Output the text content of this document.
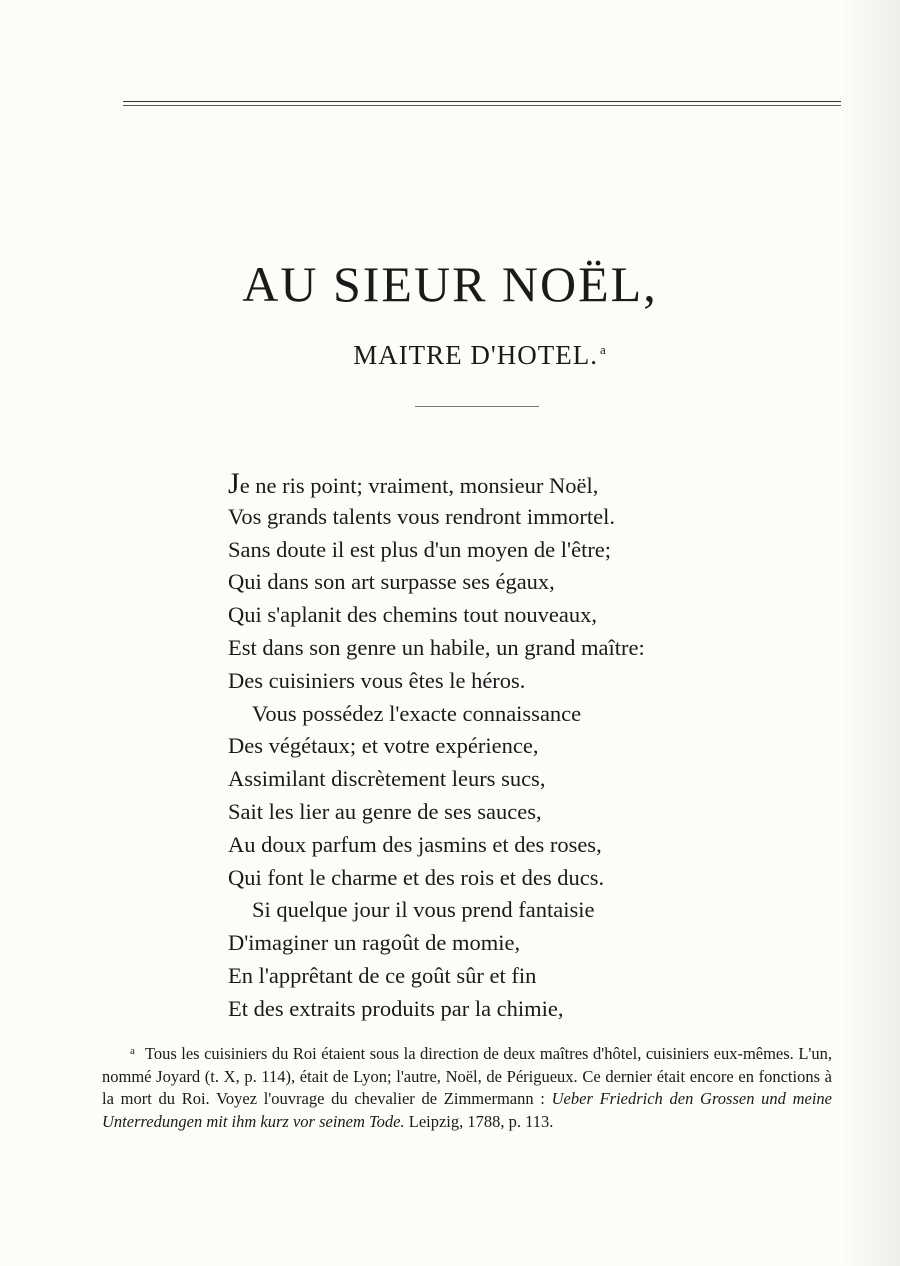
AU SIEUR NOËL,
MAITRE D'HOTEL. $^a$
Je ne ris point; vraiment, monsieur Noël,
Vos grands talents vous rendront immortel.
Sans doute il est plus d'un moyen de l'être;
Qui dans son art surpasse ses égaux,
Qui s'aplanit des chemins tout nouveaux,
Est dans son genre un habile, un grand maître:
Des cuisiniers vous êtes le héros.
Vous possédez l'exacte connaissance
Des végétaux; et votre expérience,
Assimilant discrètement leurs sucs,
Sait les lier au genre de ses sauces,
Au doux parfum des jasmins et des roses,
Qui font le charme et des rois et des ducs.
Si quelque jour il vous prend fantaisie
D'imaginer un ragoût de momie,
En l'apprêtant de ce goût sûr et fin
Et des extraits produits par la chimie,
$^a$ Tous les cuisiniers du Roi étaient sous la direction de deux maîtres d'hôtel, cuisiniers eux-mêmes. L'un, nommé Joyard (t. X, p. 114), était de Lyon; l'autre, Noël, de Périgueux. Ce dernier était encore en fonctions à la mort du Roi. Voyez l'ouvrage du chevalier de Zimmermann : Ueber Friedrich den Grossen und meine Unterredungen mit ihm kurz vor seinem Tode. Leipzig, 1788, p. 113.
